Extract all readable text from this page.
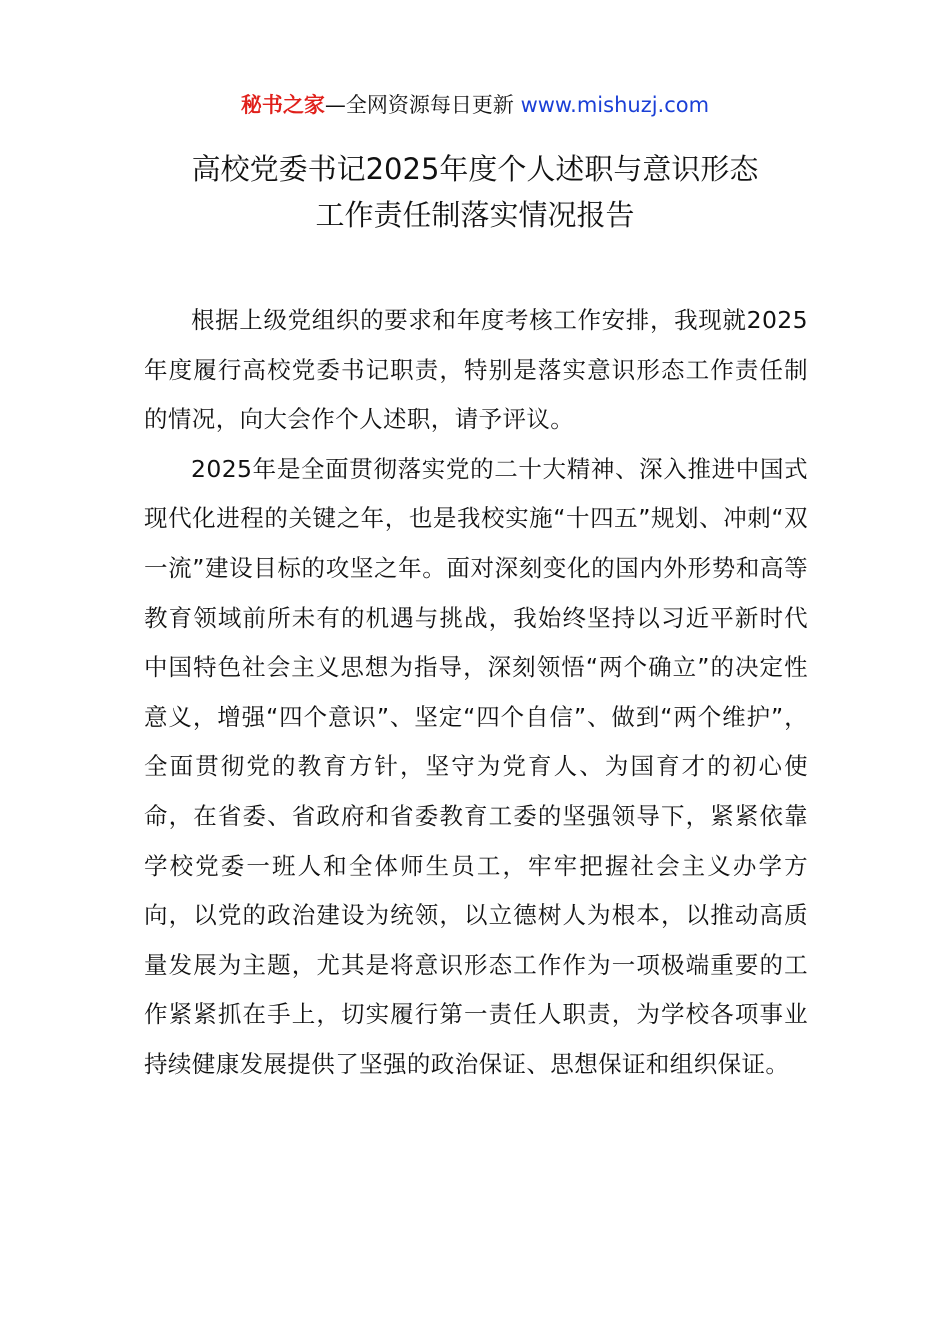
秘书之家—全网资源每日更新 www.mishuzj.com
高校党委书记2025年度个人述职与意识形态
工作责任制落实情况报告

根据上级党组织的要求和年度考核工作安排，我现就2025年度履行高校党委书记职责，特别是落实意识形态工作责任制的情况，向大会作个人述职，请予评议。

2025年是全面贯彻落实党的二十大精神、深入推进中国式现代化进程的关键之年，也是我校实施“十四五”规划、冲刺“双一流”建设目标的攻坚之年。面对深刻变化的国内外形势和高等教育领域前所未有的机遇与挑战，我始终坚持以习近平新时代中国特色社会主义思想为指导，深刻领悟“两个确立”的决定性意义，增强“四个意识”、坚定“四个自信”、做到“两个维护”，全面贯彻党的教育方针，坚守为党育人、为国育才的初心使命，在省委、省政府和省委教育工委的坚强领导下，紧紧依靠学校党委一班人和全体师生员工，牢牢把握社会主义办学方向，以党的政治建设为统领，以立德树人为根本，以推动高质量发展为主题，尤其是将意识形态工作作为一项极端重要的工作紧紧抓在手上，切实履行第一责任人职责，为学校各项事业持续健康发展提供了坚强的政治保证、思想保证和组织保证。
